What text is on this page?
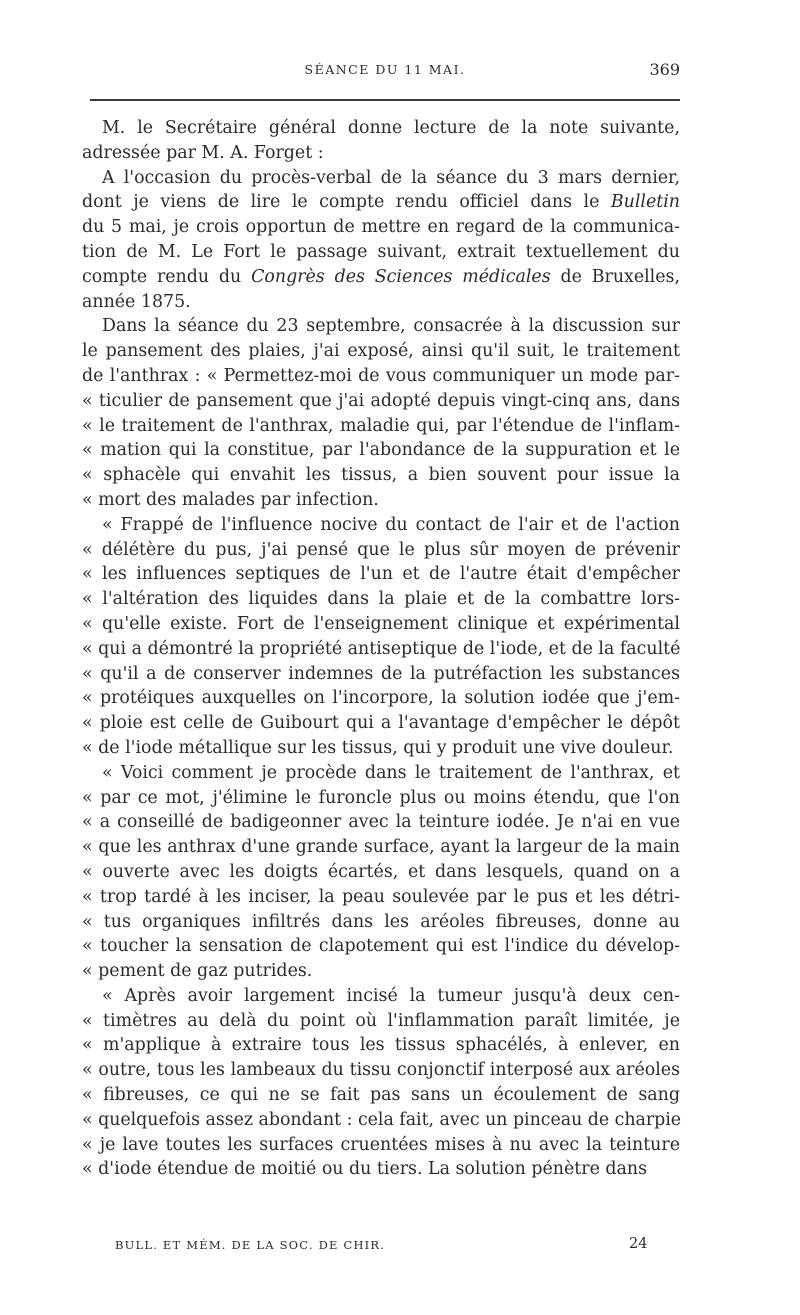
SÉANCE DU 11 MAI.	369
M. le Secrétaire général donne lecture de la note suivante,
adressée par M. A. Forget :
A l'occasion du procès-verbal de la séance du 3 mars dernier,
dont je viens de lire le compte rendu officiel dans le Bulletin
du 5 mai, je crois opportun de mettre en regard de la communica-
tion de M. Le Fort le passage suivant, extrait textuellement du
compte rendu du Congrès des Sciences médicales de Bruxelles,
année 1875.
Dans la séance du 23 septembre, consacrée à la discussion sur
le pansement des plaies, j'ai exposé, ainsi qu'il suit, le traitement
de l'anthrax : « Permettez-moi de vous communiquer un mode par-
« ticulier de pansement que j'ai adopté depuis vingt-cinq ans, dans
« le traitement de l'anthrax, maladie qui, par l'étendue de l'inflam-
« mation qui la constitue, par l'abondance de la suppuration et le
« sphacèle qui envahit les tissus, a bien souvent pour issue la
« mort des malades par infection.
« Frappé de l'influence nocive du contact de l'air et de l'action
« délétère du pus, j'ai pensé que le plus sûr moyen de prévenir
« les influences septiques de l'un et de l'autre était d'empêcher
« l'altération des liquides dans la plaie et de la combattre lors-
« qu'elle existe. Fort de l'enseignement clinique et expérimental
« qui a démontré la propriété antiseptique de l'iode, et de la faculté
« qu'il a de conserver indemnes de la putréfaction les substances
« protéiques auxquelles on l'incorpore, la solution iodée que j'em-
« ploie est celle de Guibourt qui a l'avantage d'empêcher le dépôt
« de l'iode métallique sur les tissus, qui y produit une vive douleur.
« Voici comment je procède dans le traitement de l'anthrax, et
« par ce mot, j'élimine le furoncle plus ou moins étendu, que l'on
« a conseillé de badigeonner avec la teinture iodée. Je n'ai en vue
« que les anthrax d'une grande surface, ayant la largeur de la main
« ouverte avec les doigts écartés, et dans lesquels, quand on a
« trop tardé à les inciser, la peau soulevée par le pus et les détri-
« tus organiques infiltrés dans les aréoles fibreuses, donne au
« toucher la sensation de clapotement qui est l'indice du dévelop-
« pement de gaz putrides.
« Après avoir largement incisé la tumeur jusqu'à deux cen-
« timètres au delà du point où l'inflammation paraît limitée, je
« m'applique à extraire tous les tissus sphacélés, à enlever, en
« outre, tous les lambeaux du tissu conjonctif interposé aux aréoles
« fibreuses, ce qui ne se fait pas sans un écoulement de sang
« quelquefois assez abondant : cela fait, avec un pinceau de charpie
« je lave toutes les surfaces cruentées mises à nu avec la teinture
« d'iode étendue de moitié ou du tiers. La solution pénètre dans
BULL. ET MÉM. DE LA SOC. DE CHIR.	24
